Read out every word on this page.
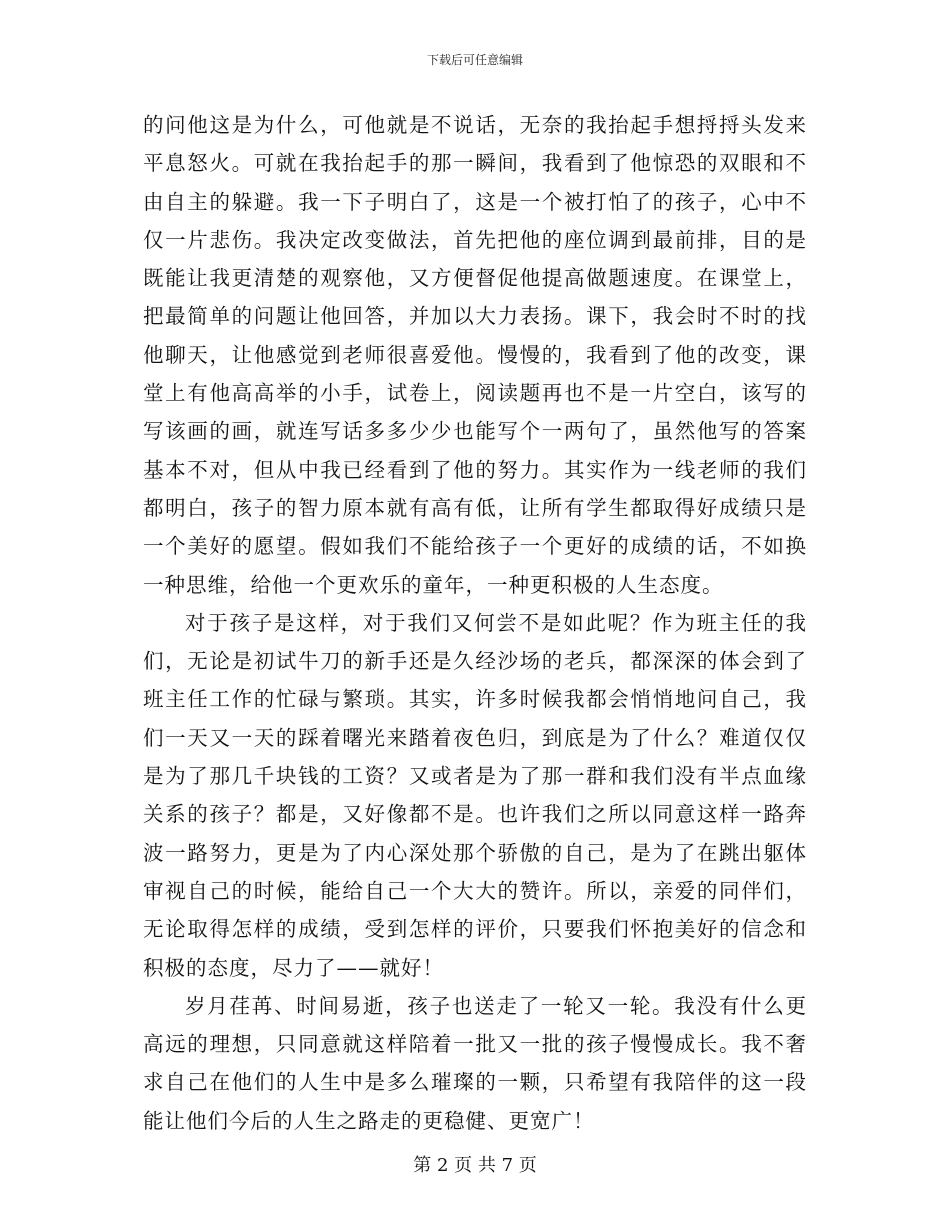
下载后可任意编辑
的问他这是为什么，可他就是不说话，无奈的我抬起手想捋捋头发来
平息怒火。可就在我抬起手的那一瞬间，我看到了他惊恐的双眼和不
由自主的躲避。我一下子明白了，这是一个被打怕了的孩子，心中不
仅一片悲伤。我决定改变做法，首先把他的座位调到最前排，目的是
既能让我更清楚的观察他，又方便督促他提高做题速度。在课堂上，
把最简单的问题让他回答，并加以大力表扬。课下，我会时不时的找
他聊天，让他感觉到老师很喜爱他。慢慢的，我看到了他的改变，课
堂上有他高高举的小手，试卷上，阅读题再也不是一片空白，该写的
写该画的画，就连写话多多少少也能写个一两句了，虽然他写的答案
基本不对，但从中我已经看到了他的努力。其实作为一线老师的我们
都明白，孩子的智力原本就有高有低，让所有学生都取得好成绩只是
一个美好的愿望。假如我们不能给孩子一个更好的成绩的话，不如换
一种思维，给他一个更欢乐的童年，一种更积极的人生态度。
对于孩子是这样，对于我们又何尝不是如此呢？作为班主任的我
们，无论是初试牛刀的新手还是久经沙场的老兵，都深深的体会到了
班主任工作的忙碌与繁琐。其实，许多时候我都会悄悄地问自己，我
们一天又一天的踩着曙光来踏着夜色归，到底是为了什么？难道仅仅
是为了那几千块钱的工资？又或者是为了那一群和我们没有半点血缘
关系的孩子？都是，又好像都不是。也许我们之所以同意这样一路奔
波一路努力，更是为了内心深处那个骄傲的自己，是为了在跳出躯体
审视自己的时候，能给自己一个大大的赞许。所以，亲爱的同伴们，
无论取得怎样的成绩，受到怎样的评价，只要我们怀抱美好的信念和
积极的态度，尽力了——就好！
岁月荏苒、时间易逝，孩子也送走了一轮又一轮。我没有什么更
高远的理想，只同意就这样陪着一批又一批的孩子慢慢成长。我不奢
求自己在他们的人生中是多么璀璨的一颗，只希望有我陪伴的这一段
能让他们今后的人生之路走的更稳健、更宽广！
第 2 页 共 7 页
